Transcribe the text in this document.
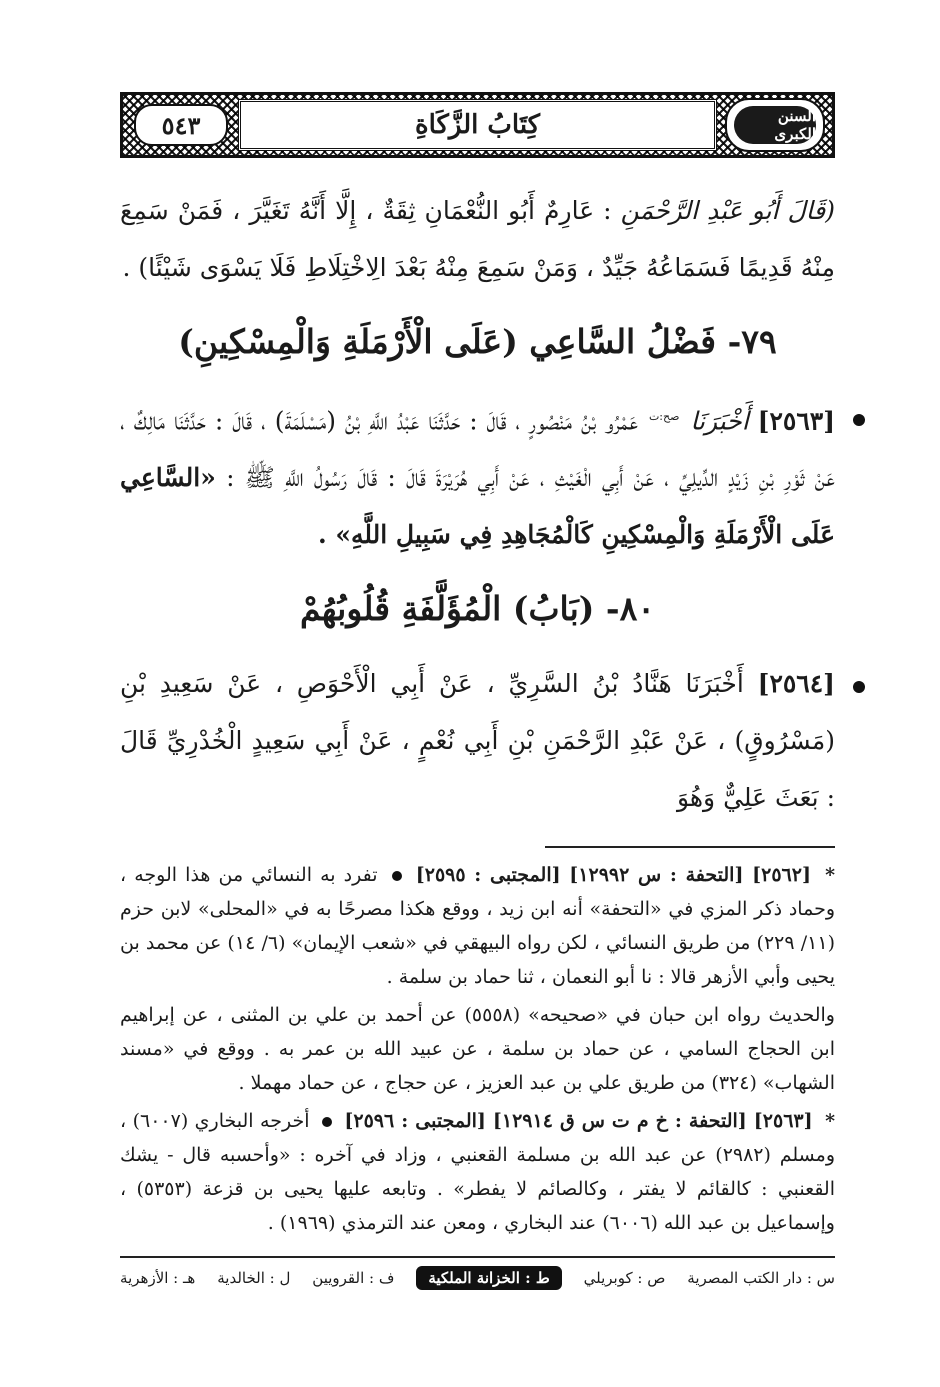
السنن الكبرى
كِتَابُ الزَّكَاةِ
٥٤٣

(قَالَ أَبُو عَبْدِ الرَّحْمَنِ : عَارِمٌ أَبُو النُّعْمَانِ ثِقَةٌ ، إِلَّا أَنَّهُ تَغَيَّرَ ، فَمَنْ سَمِعَ مِنْهُ قَدِيمًا فَسَمَاعُهُ جَيِّدٌ ، وَمَنْ سَمِعَ مِنْهُ بَعْدَ الِاخْتِلَاطِ فَلَا يَسْوَى شَيْئًا) .

٧٩- فَضْلُ السَّاعِي (عَلَى الْأَرْمَلَةِ وَالْمِسْكِينِ)

[٢٥٦٣] أَخْبَرَنَا $^{صح:ت}$ عَمْرُو بْنُ مَنْصُورٍ ، قَالَ : حَدَّثَنَا عَبْدُ اللَّهِ بْنُ (مَسْلَمَةَ) ، قَالَ : حَدَّثَنَا مَالِكٌ ، عَنْ ثَوْرِ بْنِ زَيْدٍ الدِّيلِيِّ ، عَنْ أَبِي الْغَيْثِ ، عَنْ أَبِي هُرَيْرَةَ قَالَ : قَالَ رَسُولُ اللَّهِ ﷺ : «السَّاعِي عَلَى الْأَرْمَلَةِ وَالْمِسْكِينِ كَالْمُجَاهِدِ فِي سَبِيلِ اللَّهِ» .

٨٠- (بَابُ) الْمُؤَلَّفَةِ قُلُوبُهُمْ

[٢٥٦٤] أَخْبَرَنَا هَنَّادُ بْنُ السَّرِيِّ ، عَنْ أَبِي الْأَحْوَصِ ، عَنْ سَعِيدِ بْنِ (مَسْرُوقٍ) ، عَنْ عَبْدِ الرَّحْمَنِ بْنِ أَبِي نُعْمٍ ، عَنْ أَبِي سَعِيدٍ الْخُدْرِيِّ قَالَ : بَعَثَ عَلِيٌّ وَهُوَ

* [٢٥٦٢] [التحفة : س ١٢٩٩٢] [المجتبى : ٢٥٩٥]  تفرد به النسائي من هذا الوجه ، وحماد ذكر المزي في «التحفة» أنه ابن زيد ، ووقع هكذا مصرحًا به في «المحلى» لابن حزم (١١/ ٢٢٩) من طريق النسائي ، لكن رواه البيهقي في «شعب الإيمان» (٦/ ١٤) عن محمد بن يحيى وأبي الأزهر قالا : نا أبو النعمان ، ثنا حماد بن سلمة .

والحديث رواه ابن حبان في «صحيحه» (٥٥٥٨) عن أحمد بن علي بن المثنى ، عن إبراهيم ابن الحجاج السامي ، عن حماد بن سلمة ، عن عبيد الله بن عمر به . ووقع في «مسند الشهاب» (٣٢٤) من طريق علي بن عبد العزيز ، عن حجاج ، عن حماد مهملا .

* [٢٥٦٣] [التحفة : خ م ت س ق ١٢٩١٤] [المجتبى : ٢٥٩٦]  أخرجه البخاري (٦٠٠٧) ، ومسلم (٢٩٨٢) عن عبد الله بن مسلمة القعنبي ، وزاد في آخره : «وأحسبه قال - يشك القعنبي : كالقائم لا يفتر ، وكالصائم لا يفطر» . وتابعه عليها يحيى بن قزعة (٥٣٥٣) ، وإسماعيل بن عبد الله (٦٠٠٦) عند البخاري ، ومعن عند الترمذي (١٩٦٩) .

س : دار الكتب المصرية
ص : كوبريلي
ط : الخزانة الملكية
ف : القرويين
ل : الخالدية
هـ : الأزهرية
